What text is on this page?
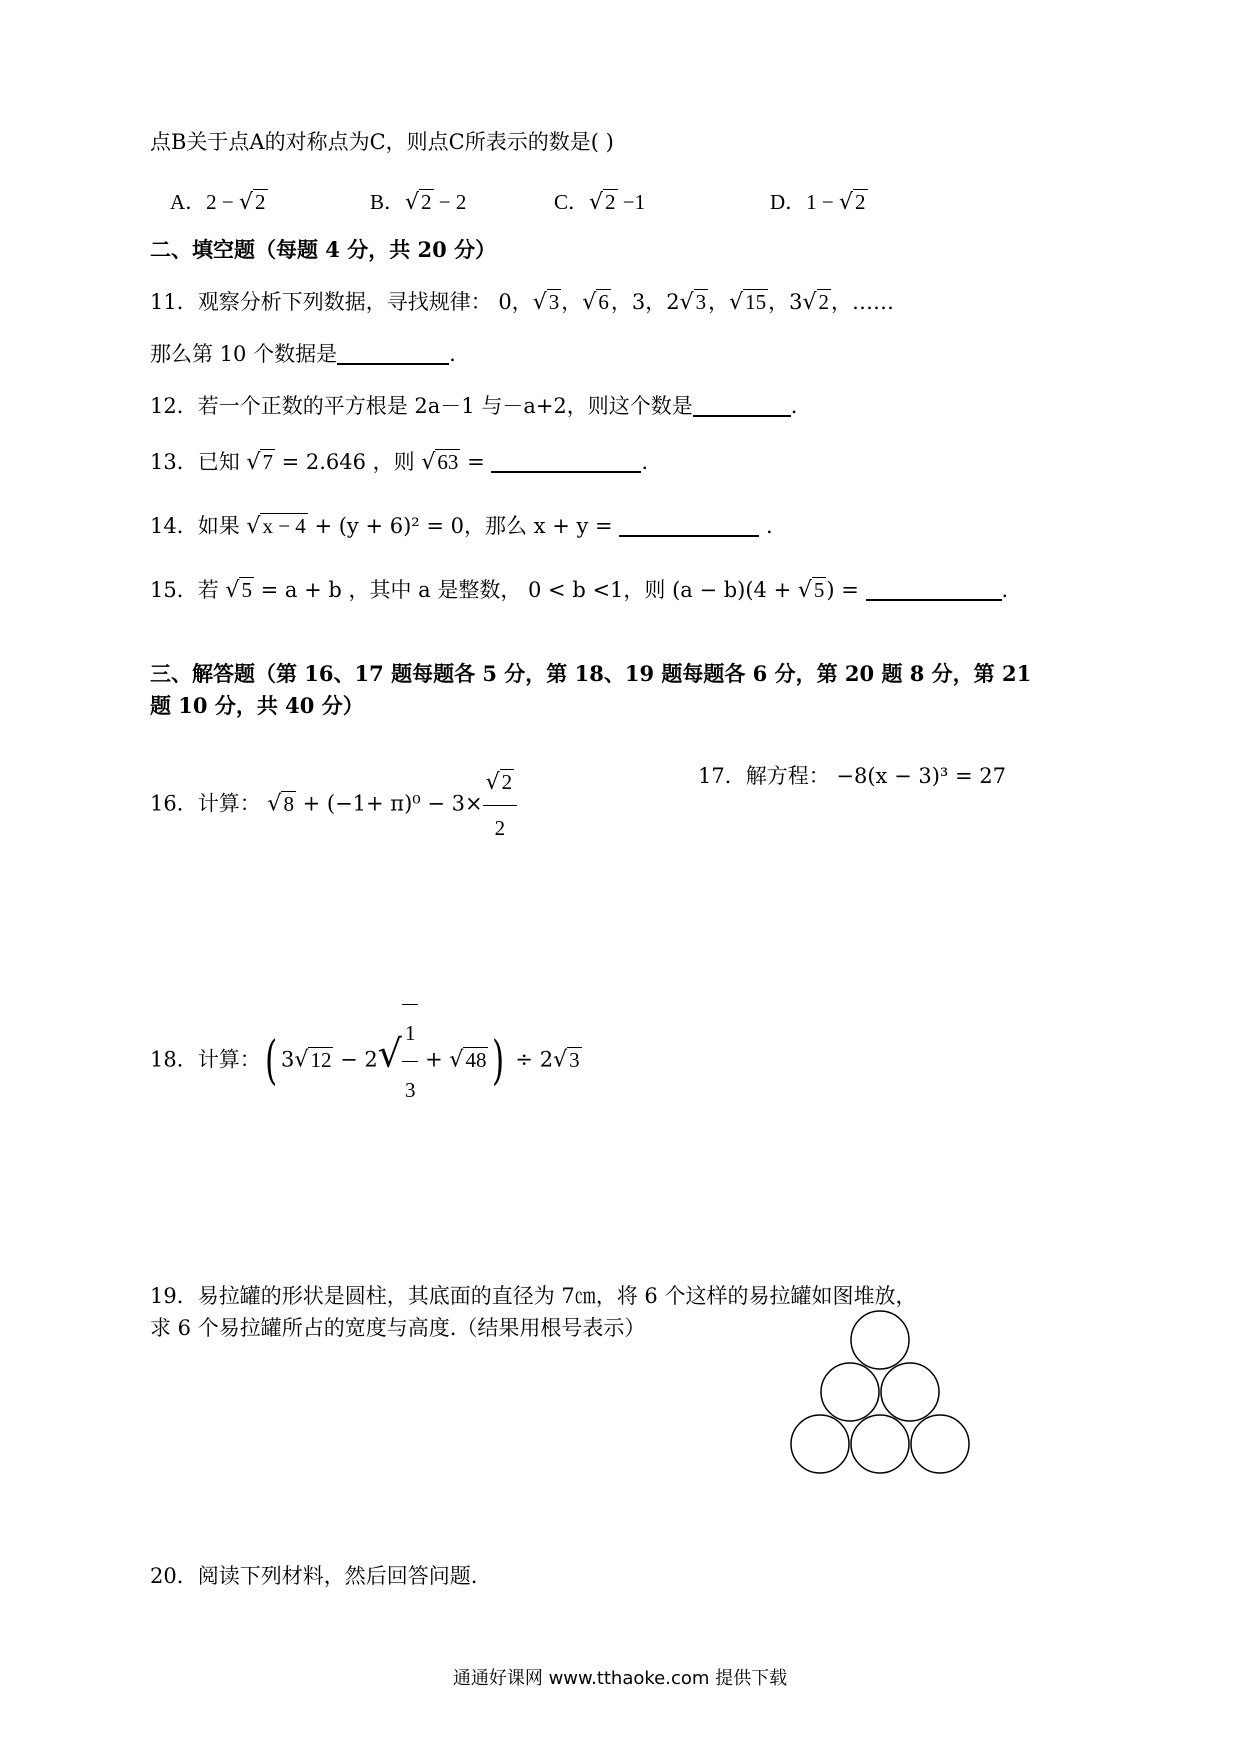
点B关于点A的对称点为C，则点C所表示的数是( )
A．2 − √2	B．√2 − 2	C．√2 −1	D．1 − √2
二、填空题（每题 4 分，共 20 分）
11．观察分析下列数据，寻找规律： 0，√3，√6，3，2√3，√15，3√2，……
那么第 10 个数据是	.
12．若一个正数的平方根是 2a－1 与－a+2，则这个数是	.
13．已知 √7 = 2.646 ，则 √63 =	.
14．如果 √x − 4 + (y + 6)² = 0，那么 x + y =	.
15．若 √5 = a + b ，其中 a 是整数， 0 < b <1，则 (a − b)(4 + √5) =	.
三、解答题（第 16、17 题每题各 5 分，第 18、19 题每题各 6 分，第 20 题 8 分，第 21
题 10 分，共 40 分）
16．计算： $√8 + (-1+ \pi)^0 - 3\times \frac{√2}{2}$	17．解方程： −8(x − 3)³ = 27
18．计算：( $3√12 - 2√ \frac{1}{3} + √48$ ) ÷ 2√3
19．易拉罐的形状是圆柱，其底面的直径为 7㎝，将 6 个这样的易拉罐如图堆放，
求 6 个易拉罐所占的宽度与高度.（结果用根号表示）
20．阅读下列材料，然后回答问题.
通通好课网 www.tthaoke.com 提供下载
